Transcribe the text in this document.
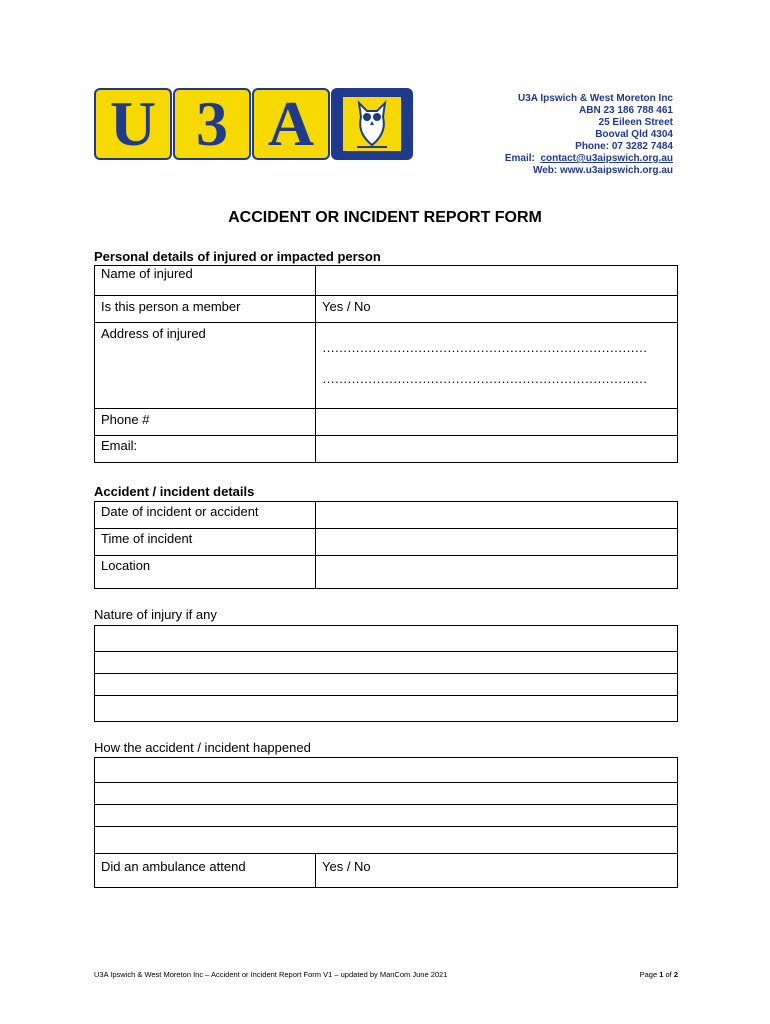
U 3 A	U3A Ipswich & West Moreton Inc
ABN 23 186 788 461
25 Eileen Street
Booval Qld 4304
Phone: 07 3282 7484
Email: contact@u3aipswich.org.au
Web: www.u3aipswich.org.au
ACCIDENT OR INCIDENT REPORT FORM
Personal details of injured or impacted person
Name of injured	
Is this person a member	Yes / No
Address of injured	……………………………………………………………………
……………………………………………………………………

Phone #	
Email:	
Accident / incident details
Date of incident or accident	
Time of incident	
Location	
Nature of injury if any
How the accident / incident happened

Did an ambulance attend	Yes / No
U3A Ipswich & West Moreton Inc – Accident or Incident Report Form V1 – updated by ManCom June 2021	Page 1 of 2
